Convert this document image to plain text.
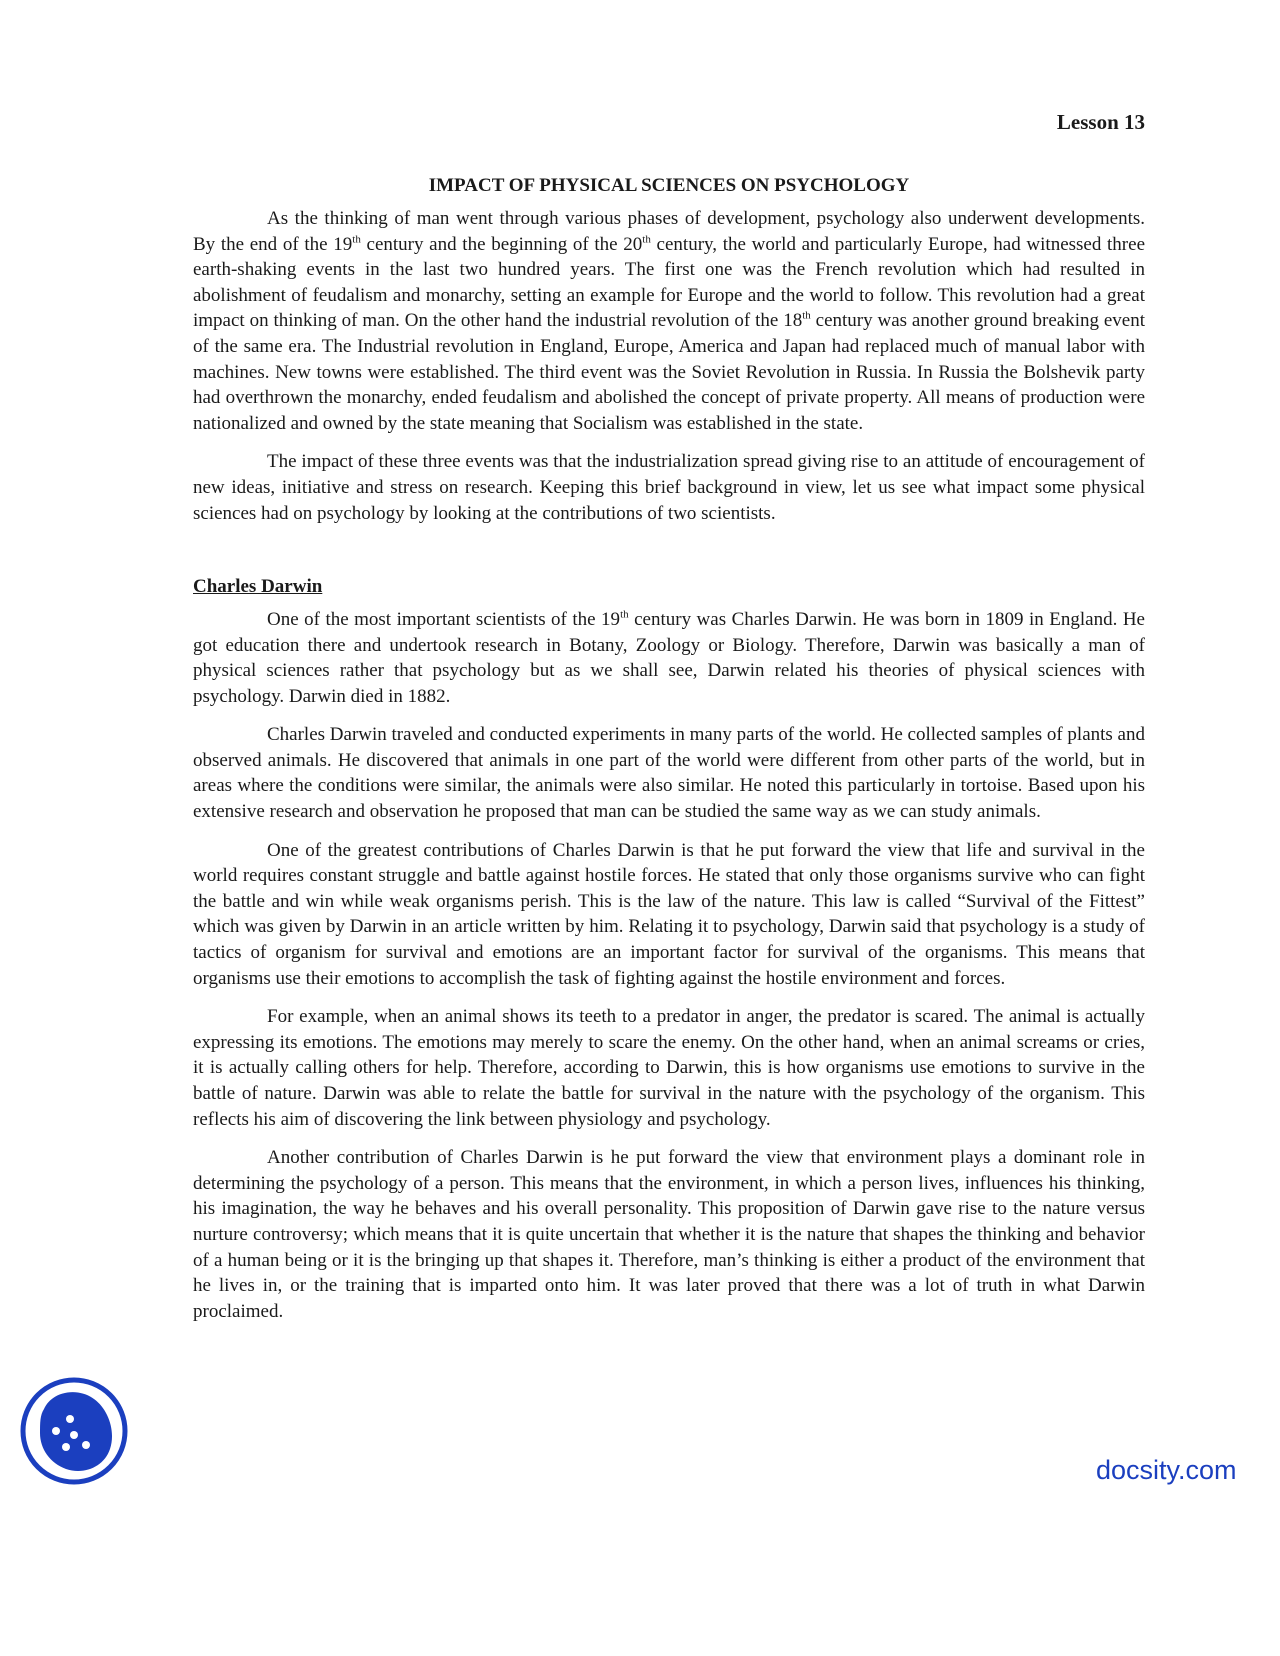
Lesson 13
IMPACT OF PHYSICAL SCIENCES ON PSYCHOLOGY

As the thinking of man went through various phases of development, psychology also underwent developments. By the end of the 19th century and the beginning of the 20th century, the world and particularly Europe, had witnessed three earth-shaking events in the last two hundred years. The first one was the French revolution which had resulted in abolishment of feudalism and monarchy, setting an example for Europe and the world to follow. This revolution had a great impact on thinking of man. On the other hand the industrial revolution of the 18th century was another ground breaking event of the same era. The Industrial revolution in England, Europe, America and Japan had replaced much of manual labor with machines. New towns were established. The third event was the Soviet Revolution in Russia. In Russia the Bolshevik party had overthrown the monarchy, ended feudalism and abolished the concept of private property. All means of production were nationalized and owned by the state meaning that Socialism was established in the state.

The impact of these three events was that the industrialization spread giving rise to an attitude of encouragement of new ideas, initiative and stress on research. Keeping this brief background in view, let us see what impact some physical sciences had on psychology by looking at the contributions of two scientists.

Charles Darwin

One of the most important scientists of the 19th century was Charles Darwin. He was born in 1809 in England. He got education there and undertook research in Botany, Zoology or Biology. Therefore, Darwin was basically a man of physical sciences rather that psychology but as we shall see, Darwin related his theories of physical sciences with psychology. Darwin died in 1882.

Charles Darwin traveled and conducted experiments in many parts of the world. He collected samples of plants and observed animals. He discovered that animals in one part of the world were different from other parts of the world, but in areas where the conditions were similar, the animals were also similar. He noted this particularly in tortoise. Based upon his extensive research and observation he proposed that man can be studied the same way as we can study animals.

One of the greatest contributions of Charles Darwin is that he put forward the view that life and survival in the world requires constant struggle and battle against hostile forces. He stated that only those organisms survive who can fight the battle and win while weak organisms perish. This is the law of the nature. This law is called “Survival of the Fittest” which was given by Darwin in an article written by him. Relating it to psychology, Darwin said that psychology is a study of tactics of organism for survival and emotions are an important factor for survival of the organisms. This means that organisms use their emotions to accomplish the task of fighting against the hostile environment and forces.

For example, when an animal shows its teeth to a predator in anger, the predator is scared. The animal is actually expressing its emotions. The emotions may merely to scare the enemy. On the other hand, when an animal screams or cries, it is actually calling others for help. Therefore, according to Darwin, this is how organisms use emotions to survive in the battle of nature. Darwin was able to relate the battle for survival in the nature with the psychology of the organism. This reflects his aim of discovering the link between physiology and psychology.

Another contribution of Charles Darwin is he put forward the view that environment plays a dominant role in determining the psychology of a person. This means that the environment, in which a person lives, influences his thinking, his imagination, the way he behaves and his overall personality. This proposition of Darwin gave rise to the nature versus nurture controversy; which means that it is quite uncertain that whether it is the nature that shapes the thinking and behavior of a human being or it is the bringing up that shapes it. Therefore, man’s thinking is either a product of the environment that he lives in, or the training that is imparted onto him. It was later proved that there was a lot of truth in what Darwin proclaimed.

docsity.com
